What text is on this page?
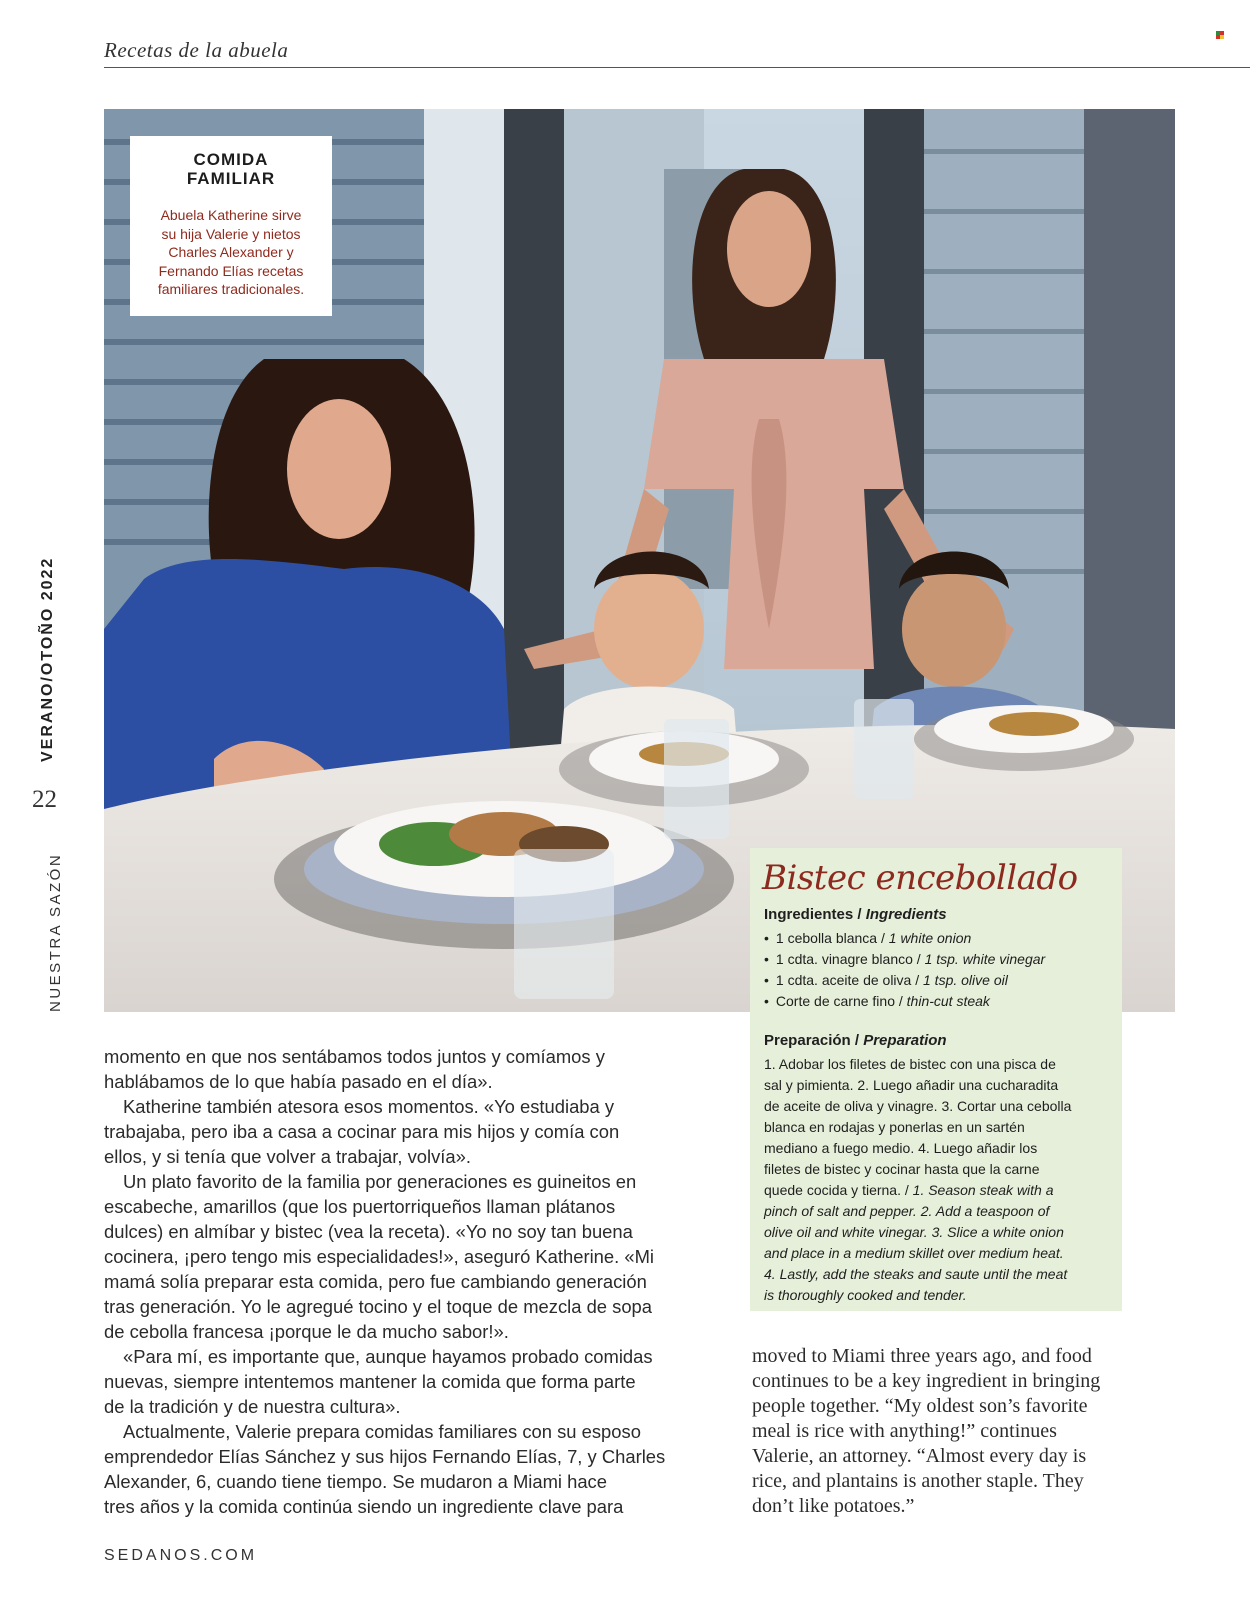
Recetas de la abuela
VERANO/OTOÑO 2022
22
NUESTRA SAZÓN
COMIDA
FAMILIAR
Abuela Katherine sirve
su hija Valerie y nietos
Charles Alexander y
Fernando Elías recetas
familiares tradicionales.
Bistec encebollado
Ingredientes / Ingredients
• 1 cebolla blanca / 1 white onion
• 1 cdta. vinagre blanco / 1 tsp. white vinegar
• 1 cdta. aceite de oliva / 1 tsp. olive oil
• Corte de carne fino / thin-cut steak
Preparación / Preparation

1. Adobar los filetes de bistec con una pisca de

sal y pimienta. 2. Luego añadir una cucharadita

de aceite de oliva y vinagre. 3. Cortar una cebolla

blanca en rodajas y ponerlas en un sartén

mediano a fuego medio. 4. Luego añadir los

filetes de bistec y cocinar hasta que la carne

quede cocida y tierna. / 1. Season steak with a

pinch of salt and pepper. 2. Add a teaspoon of

olive oil and white vinegar. 3. Slice a white onion

and place in a medium skillet over medium heat.

4. Lastly, add the steaks and saute until the meat

is thoroughly cooked and tender.

momento en que nos sentábamos todos juntos y comíamos y

hablábamos de lo que había pasado en el día».

Katherine también atesora esos momentos. «Yo estudiaba y

trabajaba, pero iba a casa a cocinar para mis hijos y comía con

ellos, y si tenía que volver a trabajar, volvía».

Un plato favorito de la familia por generaciones es guineitos en

escabeche, amarillos (que los puertorriqueños llaman plátanos

dulces) en almíbar y bistec (vea la receta). «Yo no soy tan buena

cocinera, ¡pero tengo mis especialidades!», aseguró Katherine. «Mi

mamá solía preparar esta comida, pero fue cambiando generación

tras generación. Yo le agregué tocino y el toque de mezcla de sopa

de cebolla francesa ¡porque le da mucho sabor!».

«Para mí, es importante que, aunque hayamos probado comidas

nuevas, siempre intentemos mantener la comida que forma parte

de la tradición y de nuestra cultura».

Actualmente, Valerie prepara comidas familiares con su esposo

emprendedor Elías Sánchez y sus hijos Fernando Elías, 7, y Charles

Alexander, 6, cuando tiene tiempo. Se mudaron a Miami hace

tres años y la comida continúa siendo un ingrediente clave para

moved to Miami three years ago, and food

continues to be a key ingredient in bringing

people together. “My oldest son’s favorite

meal is rice with anything!” continues

Valerie, an attorney. “Almost every day is

rice, and plantains is another staple. They

don’t like potatoes.”

SEDANOS.COM
